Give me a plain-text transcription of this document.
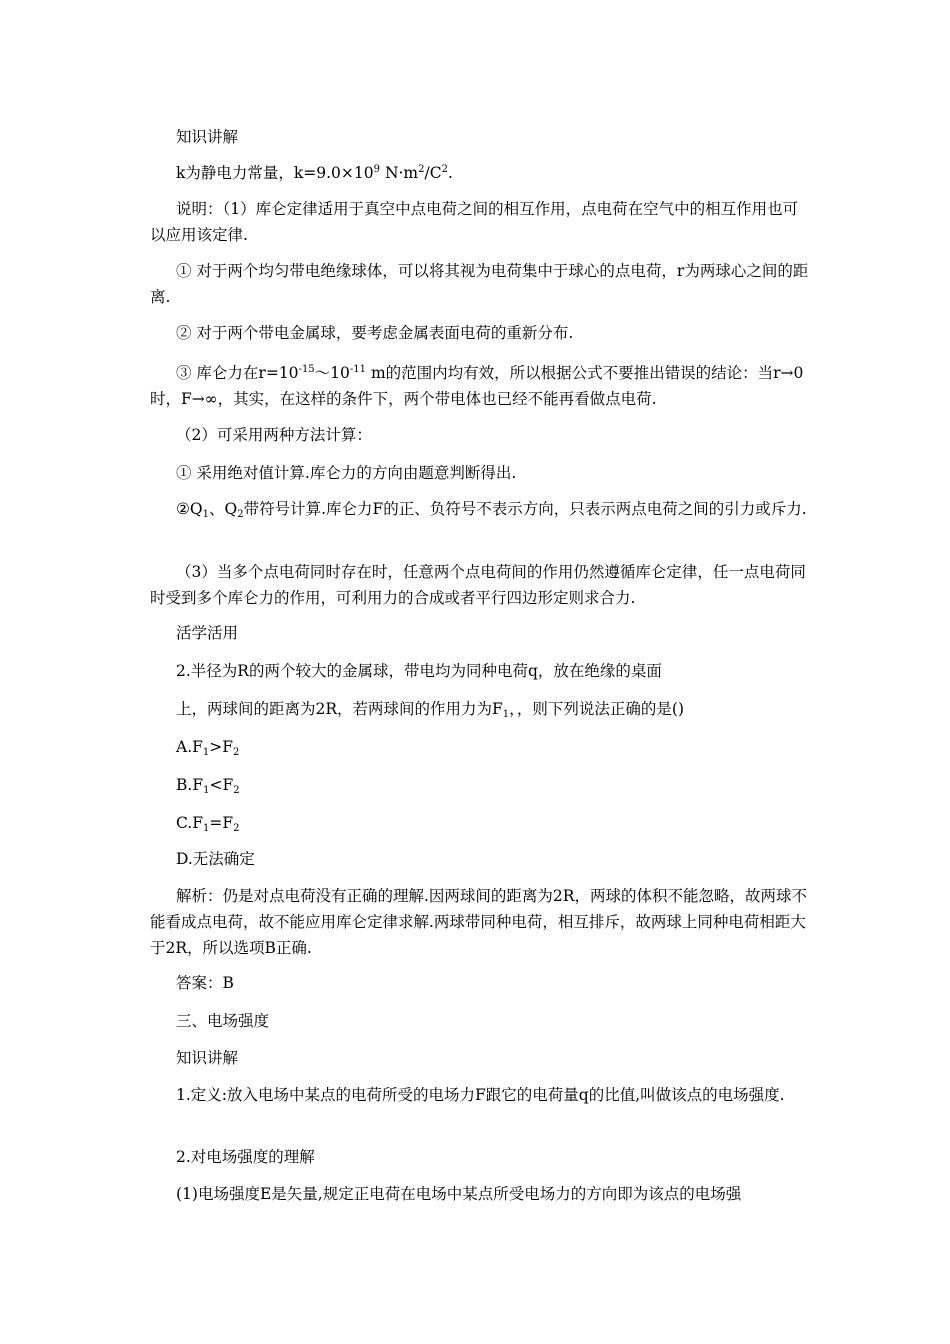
知识讲解
k为静电力常量，$k=9.0\times 10^9$ $N\cdot m^2/C^2$.
说明：（1）库仑定律适用于真空中点电荷之间的相互作用，点电荷在空气中的相互作用也可以应用该定律.
① 对于两个均匀带电绝缘球体，可以将其视为电荷集中于球心的点电荷，r为两球心之间的距离.
② 对于两个带电金属球，要考虑金属表面电荷的重新分布.
③ 库仑力在$r=10^{-15}\sim 10^{-11}$ m的范围内均有效，所以根据公式不要推出错误的结论：当r→0时，F→∞，其实，在这样的条件下，两个带电体也已经不能再看做点电荷.
（2）可采用两种方法计算：
① 采用绝对值计算.库仑力的方向由题意判断得出.
$②Q_1$、$Q_2$带符号计算.库仑力F的正、负符号不表示方向，只表示两点电荷之间的引力或斥力.
（3）当多个点电荷同时存在时，任意两个点电荷间的作用仍然遵循库仑定律，任一点电荷同时受到多个库仑力的作用，可利用力的合成或者平行四边形定则求合力.
活学活用
2.半径为R的两个较大的金属球，带电均为同种电荷q，放在绝缘的桌面
上，两球间的距离为2R，若两球间的作用力为$F_1$，，则下列说法正确的是()
$A.F_1>F_2$
$B.F_1<F_2$
$C.F_1=F_2$
D.无法确定
解析：仍是对点电荷没有正确的理解.因两球间的距离为2R，两球的体积不能忽略，故两球不能看成点电荷，故不能应用库仑定律求解.两球带同种电荷，相互排斥，故两球上同种电荷相距大于2R，所以选项B正确.
答案：B
三、电场强度
知识讲解
1.定义:放入电场中某点的电荷所受的电场力F跟它的电荷量q的比值,叫做该点的电场强度.
2.对电场强度的理解
(1)电场强度E是矢量,规定正电荷在电场中某点所受电场力的方向即为该点的电场强
